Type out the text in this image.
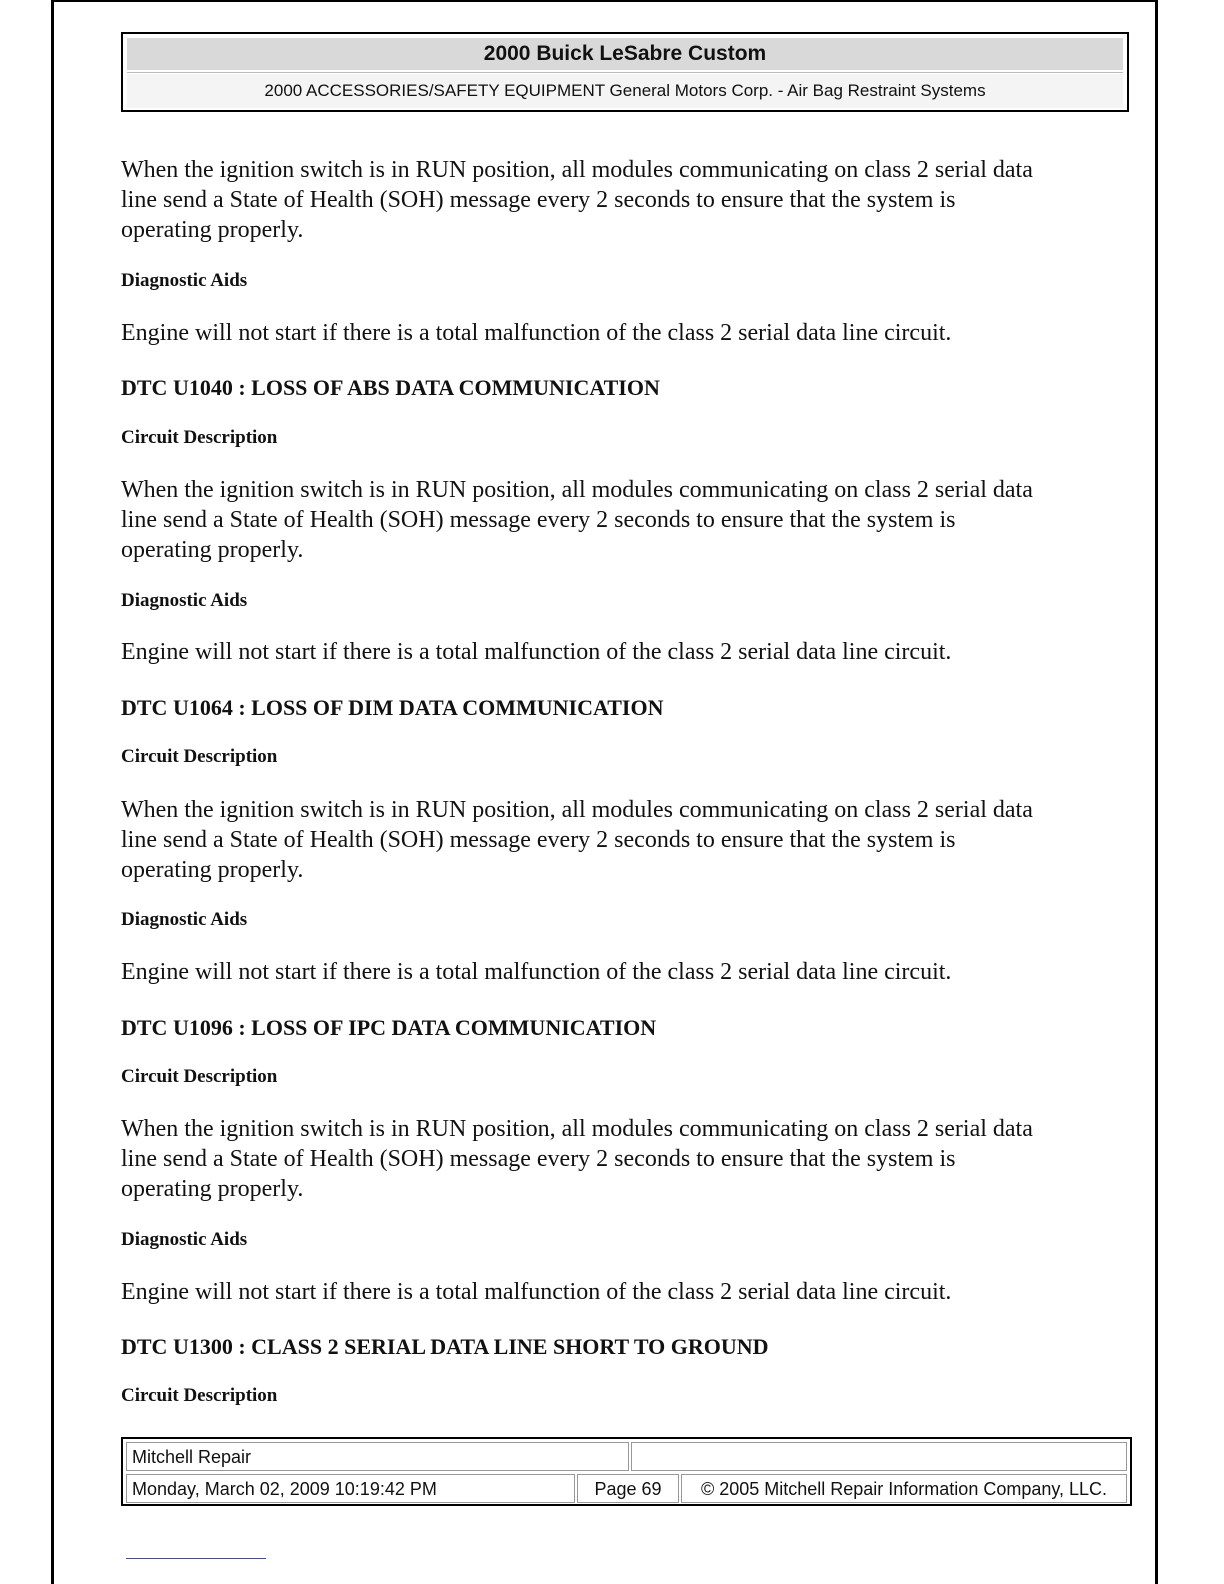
2000 Buick LeSabre Custom
2000 ACCESSORIES/SAFETY EQUIPMENT General Motors Corp. - Air Bag Restraint Systems
When the ignition switch is in RUN position, all modules communicating on class 2 serial data
line send a State of Health (SOH) message every 2 seconds to ensure that the system is
operating properly.
Diagnostic Aids
Engine will not start if there is a total malfunction of the class 2 serial data line circuit.
DTC U1040 : LOSS OF ABS DATA COMMUNICATION
Circuit Description
When the ignition switch is in RUN position, all modules communicating on class 2 serial data
line send a State of Health (SOH) message every 2 seconds to ensure that the system is
operating properly.
Diagnostic Aids
Engine will not start if there is a total malfunction of the class 2 serial data line circuit.
DTC U1064 : LOSS OF DIM DATA COMMUNICATION
Circuit Description
When the ignition switch is in RUN position, all modules communicating on class 2 serial data
line send a State of Health (SOH) message every 2 seconds to ensure that the system is
operating properly.
Diagnostic Aids
Engine will not start if there is a total malfunction of the class 2 serial data line circuit.
DTC U1096 : LOSS OF IPC DATA COMMUNICATION
Circuit Description
When the ignition switch is in RUN position, all modules communicating on class 2 serial data
line send a State of Health (SOH) message every 2 seconds to ensure that the system is
operating properly.
Diagnostic Aids
Engine will not start if there is a total malfunction of the class 2 serial data line circuit.
DTC U1300 : CLASS 2 SERIAL DATA LINE SHORT TO GROUND
Circuit Description
Mitchell Repair
Monday, March 02, 2009 10:19:42 PM	Page 69	© 2005 Mitchell Repair Information Company, LLC.
